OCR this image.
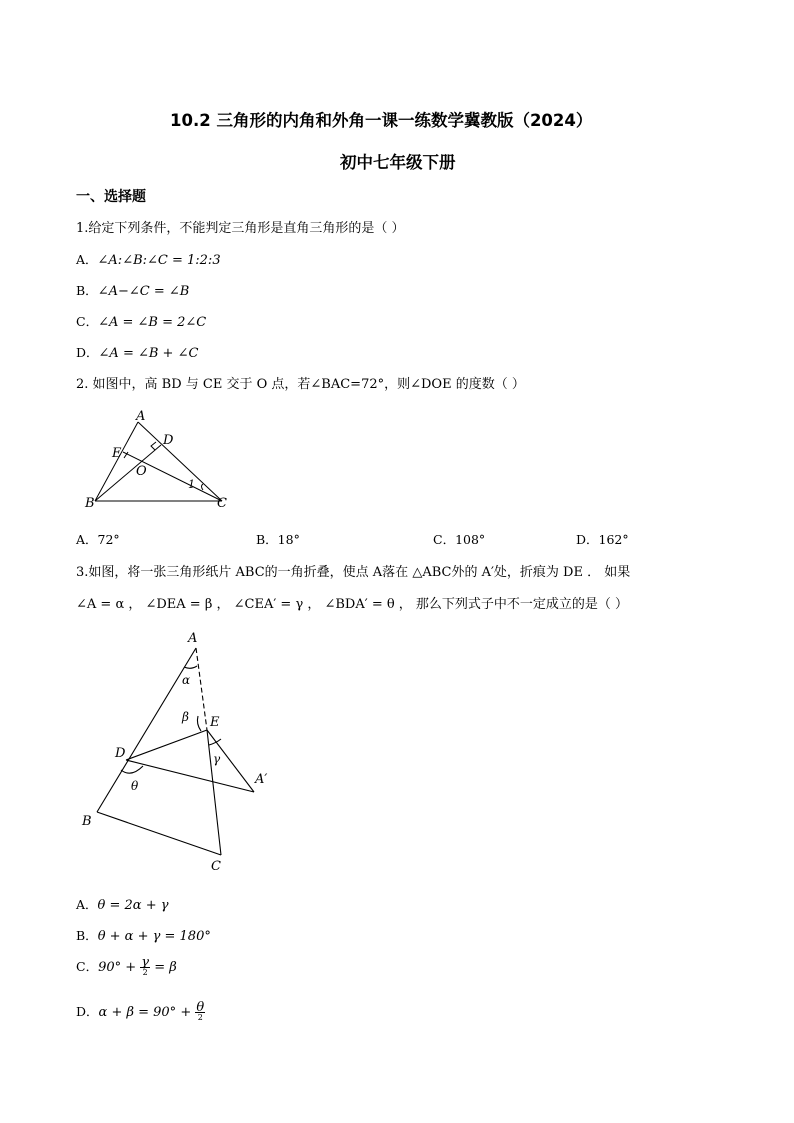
10.2 三角形的内角和外角一课一练数学冀教版（2024）
初中七年级下册
一、选择题
1.给定下列条件，不能判定三角形是直角三角形的是（ ）
A．∠A:∠B:∠C = 1:2:3
B．∠A−∠C = ∠B
C．∠A = ∠B = 2∠C
D．∠A = ∠B + ∠C
2. 如图中，高 BD 与 CE 交于 O 点，若∠BAC=72°，则∠DOE 的度数（ ）
A
D
E
O
1
B	C
A．72°	B．18°	C．108°	D．162°
3.如图，将一张三角形纸片 ABC的一角折叠，使点 A落在 △ABC外的 A′处，折痕为 DE ． 如果
∠A = α ， ∠DEA = β ， ∠CEA′ = γ ， ∠BDA′ = θ ， 那么下列式子中不一定成立的是（ ）
A
α
β E
γ
D
A′
θ
B
C
A．θ = 2α + γ
B．θ + α + γ = 180°
C．$90^\circ + \frac{\gamma}{2} = \beta$
D．$\alpha + \beta = 90^\circ + \frac{\theta}{2}$
